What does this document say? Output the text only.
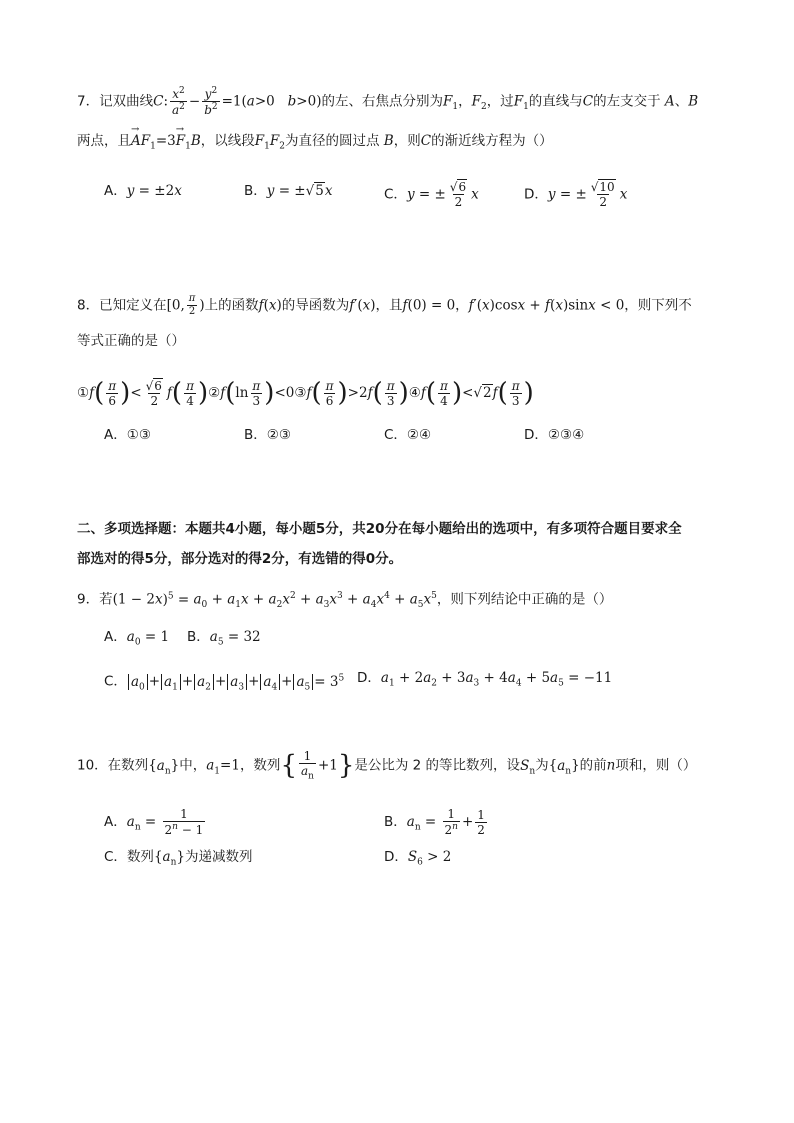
7．记双曲线C: $\frac{x^2}{a^2} - \frac{y^2}{b^2} =1(a>0$   b>0)的左、右焦点分别为$F_1$，$F_2$，过$F_1$的直线与C的左支交于 A、B
两点，且→ $AF_1=3\to F_1B$，以线段$F_1F_2$为直径的圆过点 B，则C的渐近线方程为（）
A．y = ±2x	B．y = ±√5x	C．y = ± $\frac{√6}{2}$ x	D．y = ± $\frac{√10}{2}$ x
8．已知定义在[0, $\frac{\pi}{2}$ )上的函数f(x)的导函数为f′(x)，且f(0) = 0，f′(x)cosx + f(x)sinx < 0，则下列不
等式正确的是（）
①f( $\frac{\pi}{6}$ )< $\frac{√6}{2} f( \frac{\pi}{4}$ )②f(ln $\frac{\pi}{3}$ )<0③f( $\frac{\pi}{6} )>2f( \frac{\pi}{3}$ )④f( $\frac{\pi}{4} )<√2f( \frac{\pi}{3}$ )
A．①③	B．②③	C．②④	D．②③④
二、多项选择题：本题共4小题，每小题5分，共20分在每小题给出的选项中，有多项符合题目要求全
部选对的得5分，部分选对的得2分，有选错的得0分。
9．若$(1 - 2x)^5 = a_0 + a_1x + a_2x^2 + a_3x^3 + a_4x^4 + a_5x^5$，则下列结论中正确的是（）
A．$a_0 = 1$ B．$a_5 = 32$
C． $a_0 + a_1 + a_2 + a_3 + a_4 + a_5 = 3^5$ D．$a_1 + 2a_2 + 3a_3 + 4a_4 + 5a_5 = -11$
10．在数列$\{a_n\}$中，$a_1=1$，数列{ $\frac{1}{a_n} +1$}是公比为 2 的等比数列，设$S_n$为$\{a_n\}$的前n项和，则（）
A．$a_n = \frac{1}{2^n - 1}$	B．$a_n = \frac{1}{2^n} + \frac{1}{2}$
C．数列$\{a_n\}$为递减数列	D．$S_6 > 2$
